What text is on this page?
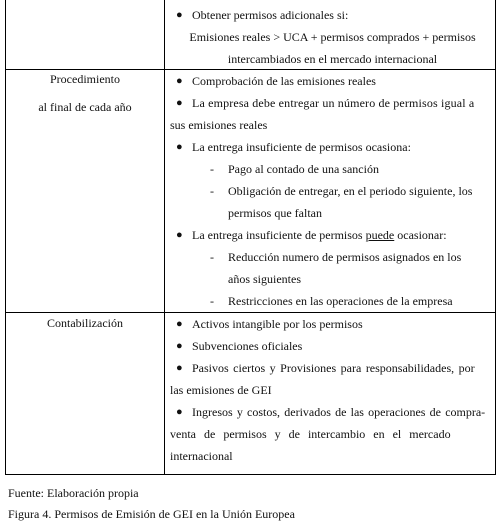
● Obtener permisos adicionales si:
Emisiones reales > UCA + permisos comprados + permisos
intercambiados en el mercado internacional
Procedimiento
al final de cada año
● Comprobación de las emisiones reales
● La empresa debe entregar un número de permisos igual a
sus emisiones reales
● La entrega insuficiente de permisos ocasiona:
- Pago al contado de una sanción
- Obligación de entregar, en el periodo siguiente, los
permisos que faltan
● La entrega insuficiente de permisos puede ocasionar:
- Reducción numero de permisos asignados en los
años siguientes
- Restricciones en las operaciones de la empresa
Contabilización	● Activos intangible por los permisos
● Subvenciones oficiales
● Pasivos ciertos y Provisiones para responsabilidades, por
las emisiones de GEI
● Ingresos y costos, derivados de las operaciones de compra-
venta de permisos y de intercambio en el mercado
internacional
Fuente: Elaboración propia
Figura 4. Permisos de Emisión de GEI en la Unión Europea
